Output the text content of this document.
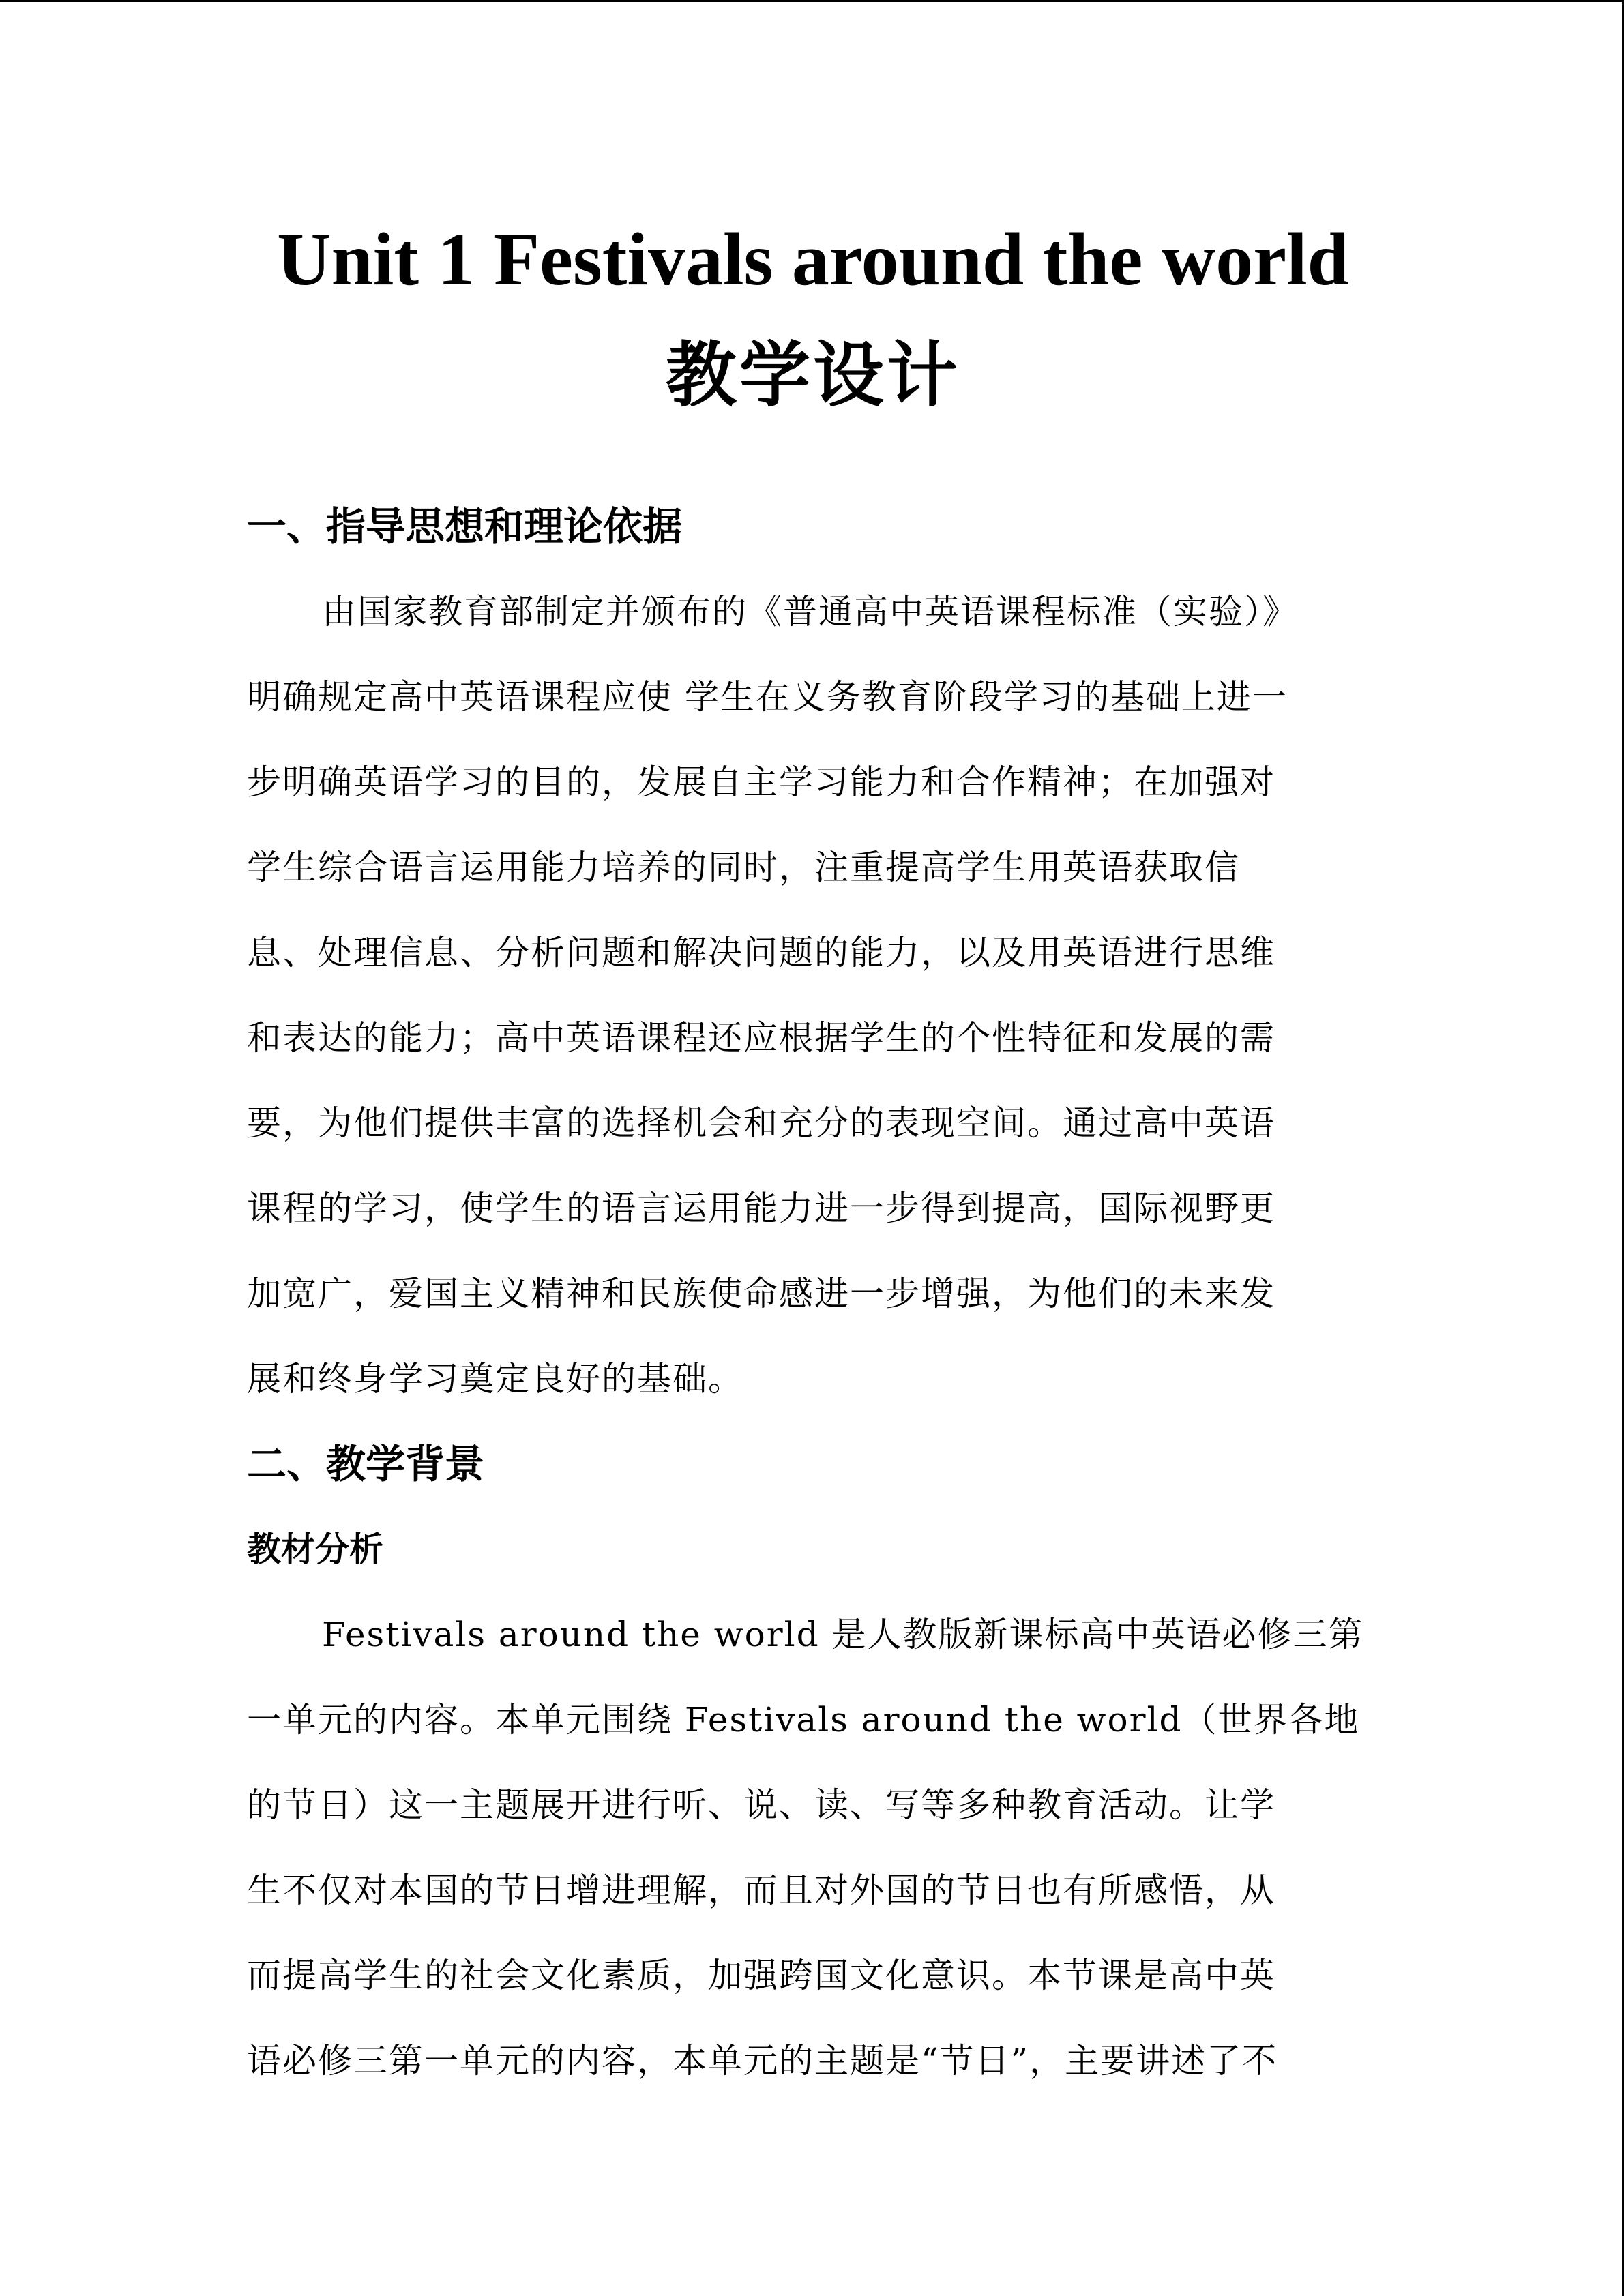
Unit 1 Festivals around the world
教学设计
一、指导思想和理论依据

由国家教育部制定并颁布的《普通高中英语课程标准（实验）》
明确规定高中英语课程应使 学生在义务教育阶段学习的基础上进一
步明确英语学习的目的，发展自主学习能力和合作精神；在加强对
学生综合语言运用能力培养的同时，注重提高学生用英语获取信
息、处理信息、分析问题和解决问题的能力，以及用英语进行思维
和表达的能力；高中英语课程还应根据学生的个性特征和发展的需
要，为他们提供丰富的选择机会和充分的表现空间。通过高中英语
课程的学习，使学生的语言运用能力进一步得到提高，国际视野更
加宽广，爱国主义精神和民族使命感进一步增强，为他们的未来发
展和终身学习奠定良好的基础。

二、教学背景
教材分析

Festivals around the world 是人教版新课标高中英语必修三第
一单元的内容。本单元围绕 Festivals around the world（世界各地
的节日）这一主题展开进行听、说、读、写等多种教育活动。让学
生不仅对本国的节日增进理解，而且对外国的节日也有所感悟，从
而提高学生的社会文化素质，加强跨国文化意识。本节课是高中英
语必修三第一单元的内容，本单元的主题是“节日”，主要讲述了不
